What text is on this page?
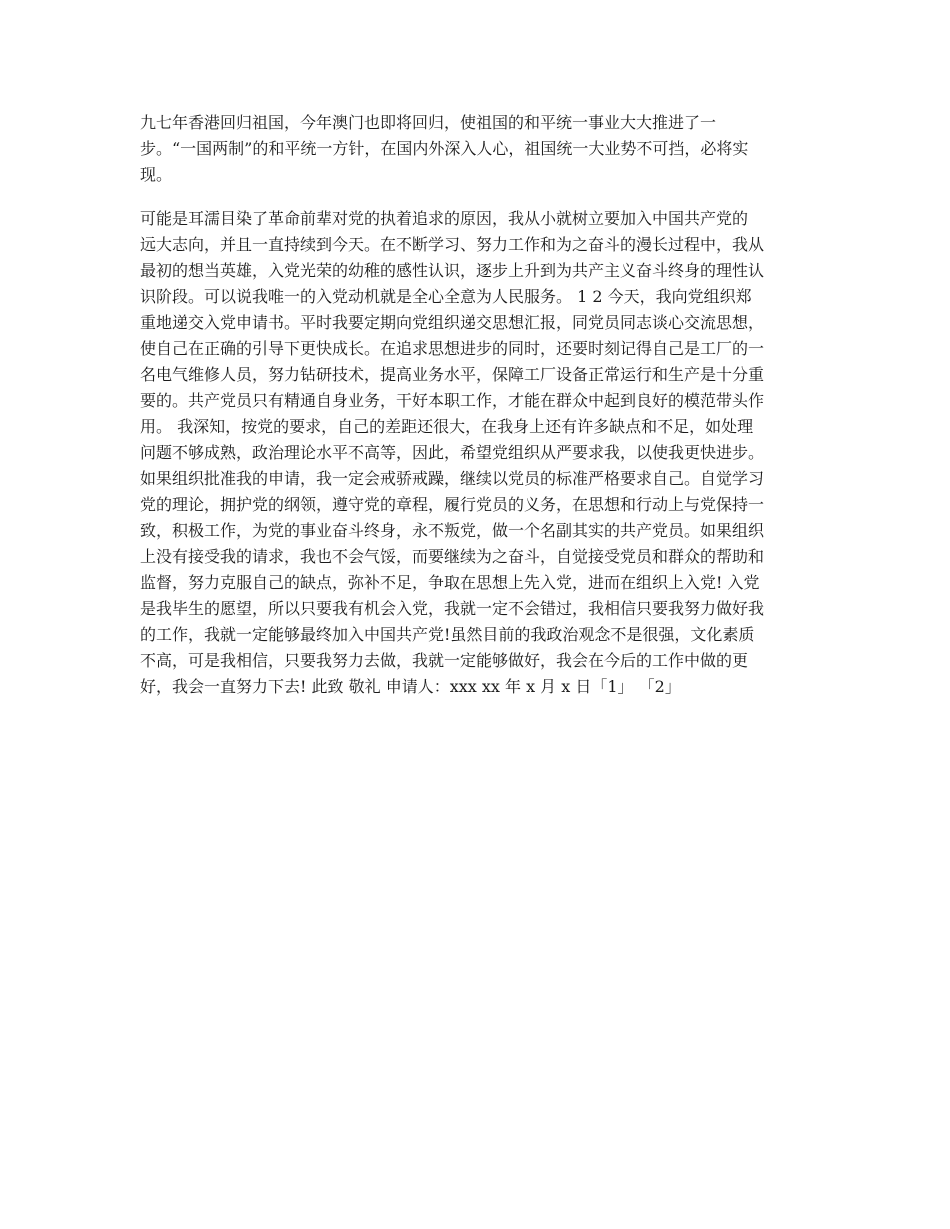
九七年香港回归祖国，今年澳门也即将回归，使祖国的和平统一事业大大推进了一
步。“一国两制”的和平统一方针，在国内外深入人心，祖国统一大业势不可挡，必将实
现。
可能是耳濡目染了革命前辈对党的执着追求的原因，我从小就树立要加入中国共产党的
远大志向，并且一直持续到今天。在不断学习、努力工作和为之奋斗的漫长过程中，我从
最初的想当英雄，入党光荣的幼稚的感性认识，逐步上升到为共产主义奋斗终身的理性认
识阶段。可以说我唯一的入党动机就是全心全意为人民服务。 1 2 今天，我向党组织郑
重地递交入党申请书。平时我要定期向党组织递交思想汇报，同党员同志谈心交流思想，
使自己在正确的引导下更快成长。在追求思想进步的同时，还要时刻记得自己是工厂的一
名电气维修人员，努力钻研技术，提高业务水平，保障工厂设备正常运行和生产是十分重
要的。共产党员只有精通自身业务，干好本职工作，才能在群众中起到良好的模范带头作
用。 我深知，按党的要求，自己的差距还很大，在我身上还有许多缺点和不足，如处理
问题不够成熟，政治理论水平不高等，因此，希望党组织从严要求我，以使我更快进步。
如果组织批准我的申请，我一定会戒骄戒躁，继续以党员的标准严格要求自己。自觉学习
党的理论，拥护党的纲领，遵守党的章程，履行党员的义务，在思想和行动上与党保持一
致，积极工作，为党的事业奋斗终身，永不叛党，做一个名副其实的共产党员。如果组织
上没有接受我的请求，我也不会气馁，而要继续为之奋斗，自觉接受党员和群众的帮助和
监督，努力克服自己的缺点，弥补不足，争取在思想上先入党，进而在组织上入党! 入党
是我毕生的愿望，所以只要我有机会入党，我就一定不会错过，我相信只要我努力做好我
的工作，我就一定能够最终加入中国共产党!虽然目前的我政治观念不是很强，文化素质
不高，可是我相信，只要我努力去做，我就一定能够做好，我会在今后的工作中做的更
好，我会一直努力下去! 此致 敬礼 申请人：xxx xx 年 x 月 x 日「1」 「2」
